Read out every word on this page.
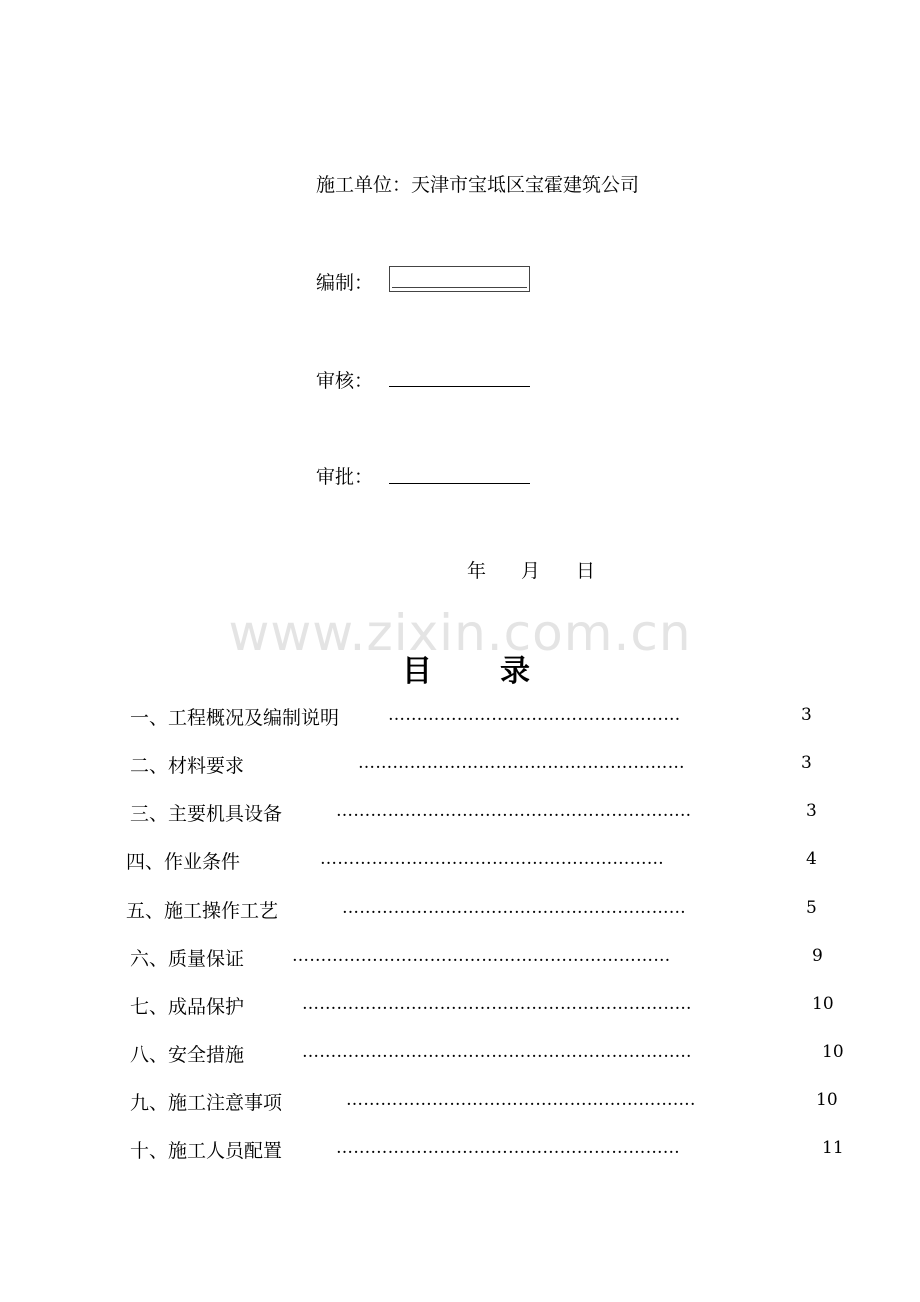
施工单位：天津市宝坻区宝霍建筑公司
编制：
审核：
审批：
年 月 日
www.zixin.com.cn
目 录
一、工程概况及编制说明	……………………………………………	3
二、材料要求	…………………………………………………	3
三、主要机具设备	……………………………………………………..	3
四、作业条件	……………………………………………………	4
五、施工操作工艺	……………………………………………………	5
六、质量保证	…………………………………………………………	9
七、成品保护	…………………………………………………………..	10
八、安全措施	…………………………………………………………..	10
九、施工注意事项	…………………………………………………….	10
十、施工人员配置	……………………………………………………	11
